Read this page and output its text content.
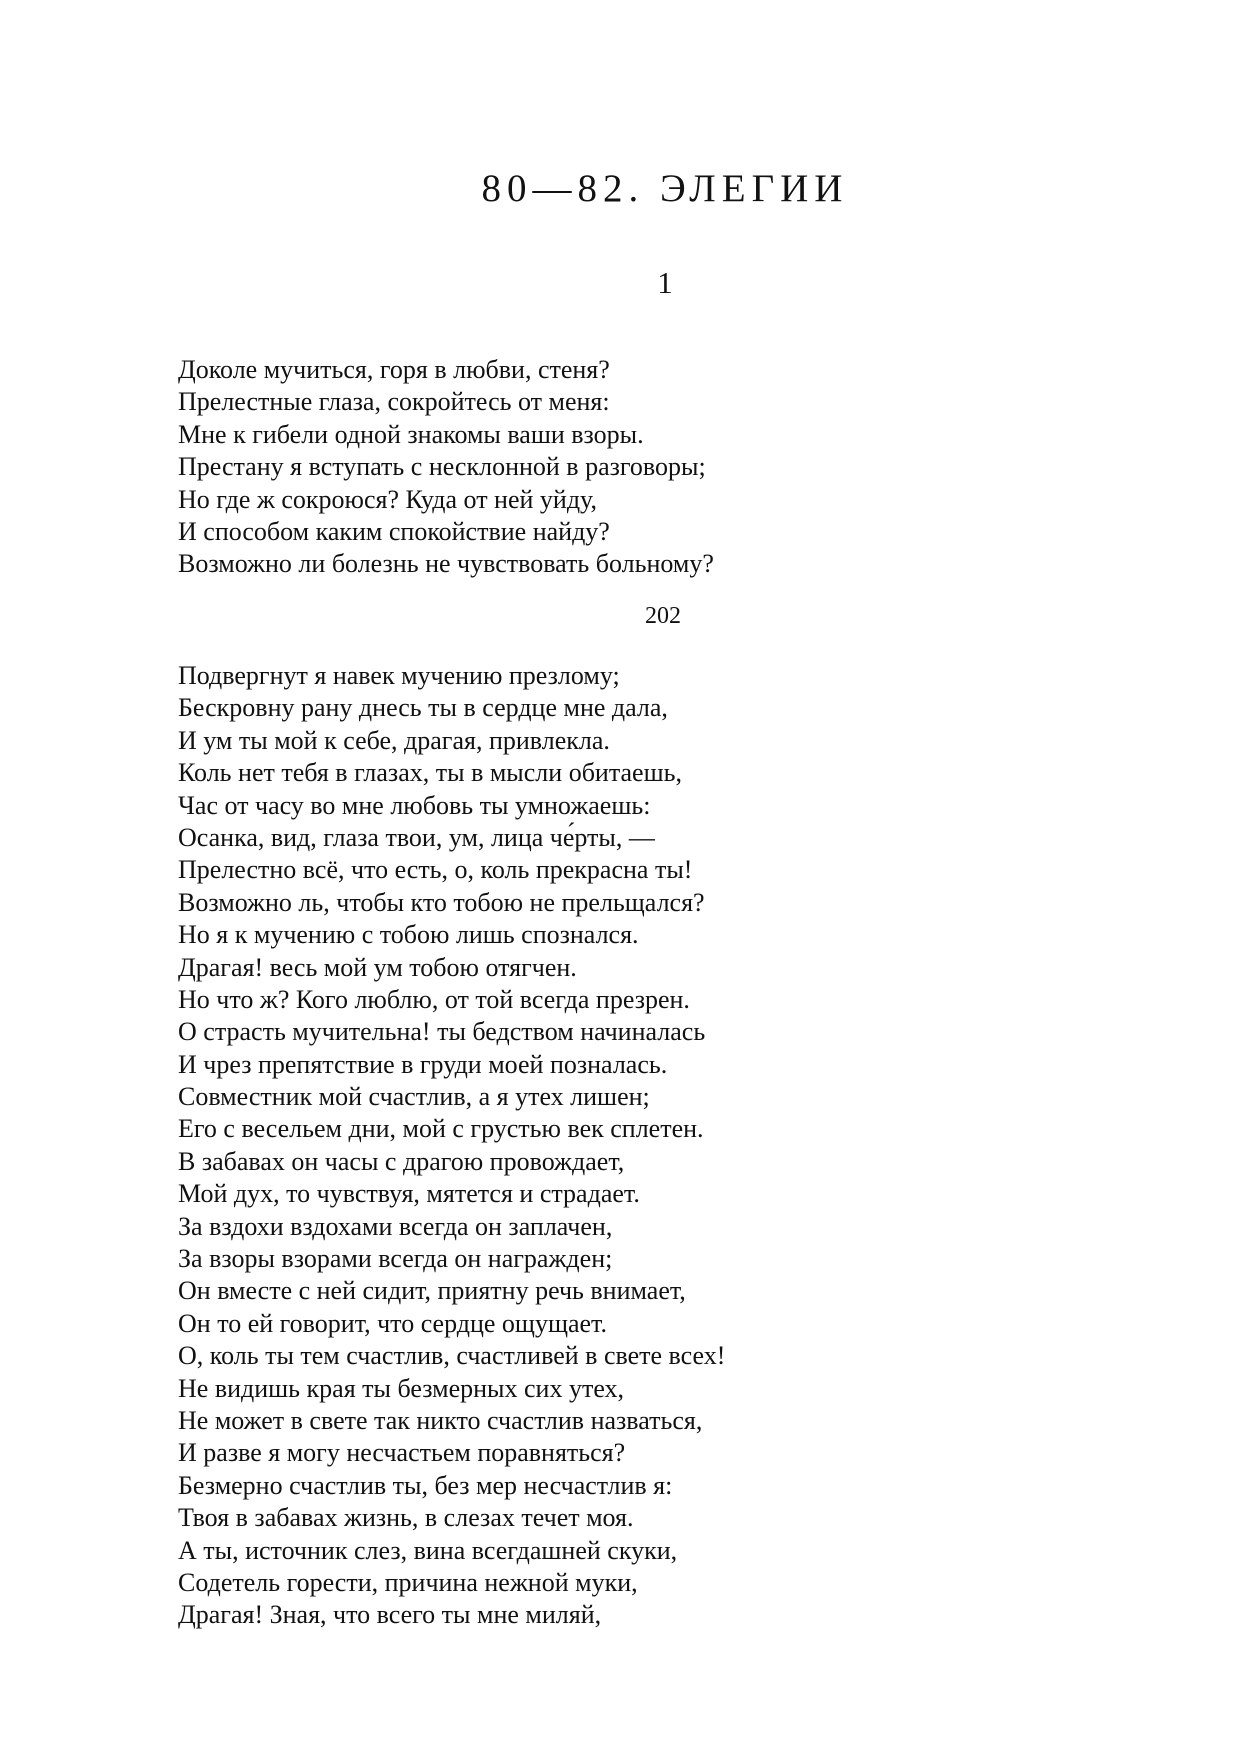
80—82. ЭЛЕГИИ
1
Доколе мучиться, горя в любви, стеня?
Прелестные глаза, сокройтесь от меня:
Мне к гибели одной знакомы ваши взоры.
Престану я вступать с несклонной в разговоры;
Но где ж сокроюся? Куда от ней уйду,
И способом каким спокойствие найду?
Возможно ли болезнь не чувствовать больному?
202
Подвергнут я навек мучению презлому;
Бескровну рану днесь ты в сердце мне дала,
И ум ты мой к себе, драгая, привлекла.
Коль нет тебя в глазах, ты в мысли обитаешь,
Час от часу во мне любовь ты умножаешь:
Осанка, вид, глаза твои, ум, лица че́рты, —
Прелестно всё, что есть, о, коль прекрасна ты!
Возможно ль, чтобы кто тобою не прельщался?
Но я к мучению с тобою лишь спознался.
Драгая! весь мой ум тобою отягчен.
Но что ж? Кого люблю, от той всегда презрен.
О страсть мучительна! ты бедством начиналась
И чрез препятствие в груди моей позналась.
Совместник мой счастлив, а я утех лишен;
Его с весельем дни, мой с грустью век сплетен.
В забавах он часы с драгою провождает,
Мой дух, то чувствуя, мятется и страдает.
За вздохи вздохами всегда он заплачен,
За взоры взорами всегда он награжден;
Он вместе с ней сидит, приятну речь внимает,
Он то ей говорит, что сердце ощущает.
О, коль ты тем счастлив, счастливей в свете всех!
Не видишь края ты безмерных сих утех,
Не может в свете так никто счастлив назваться,
И разве я могу несчастьем поравняться?
Безмерно счастлив ты, без мер несчастлив я:
Твоя в забавах жизнь, в слезах течет моя.
А ты, источник слез, вина всегдашней скуки,
Содетель горести, причина нежной муки,
Драгая! Зная, что всего ты мне миляй,
